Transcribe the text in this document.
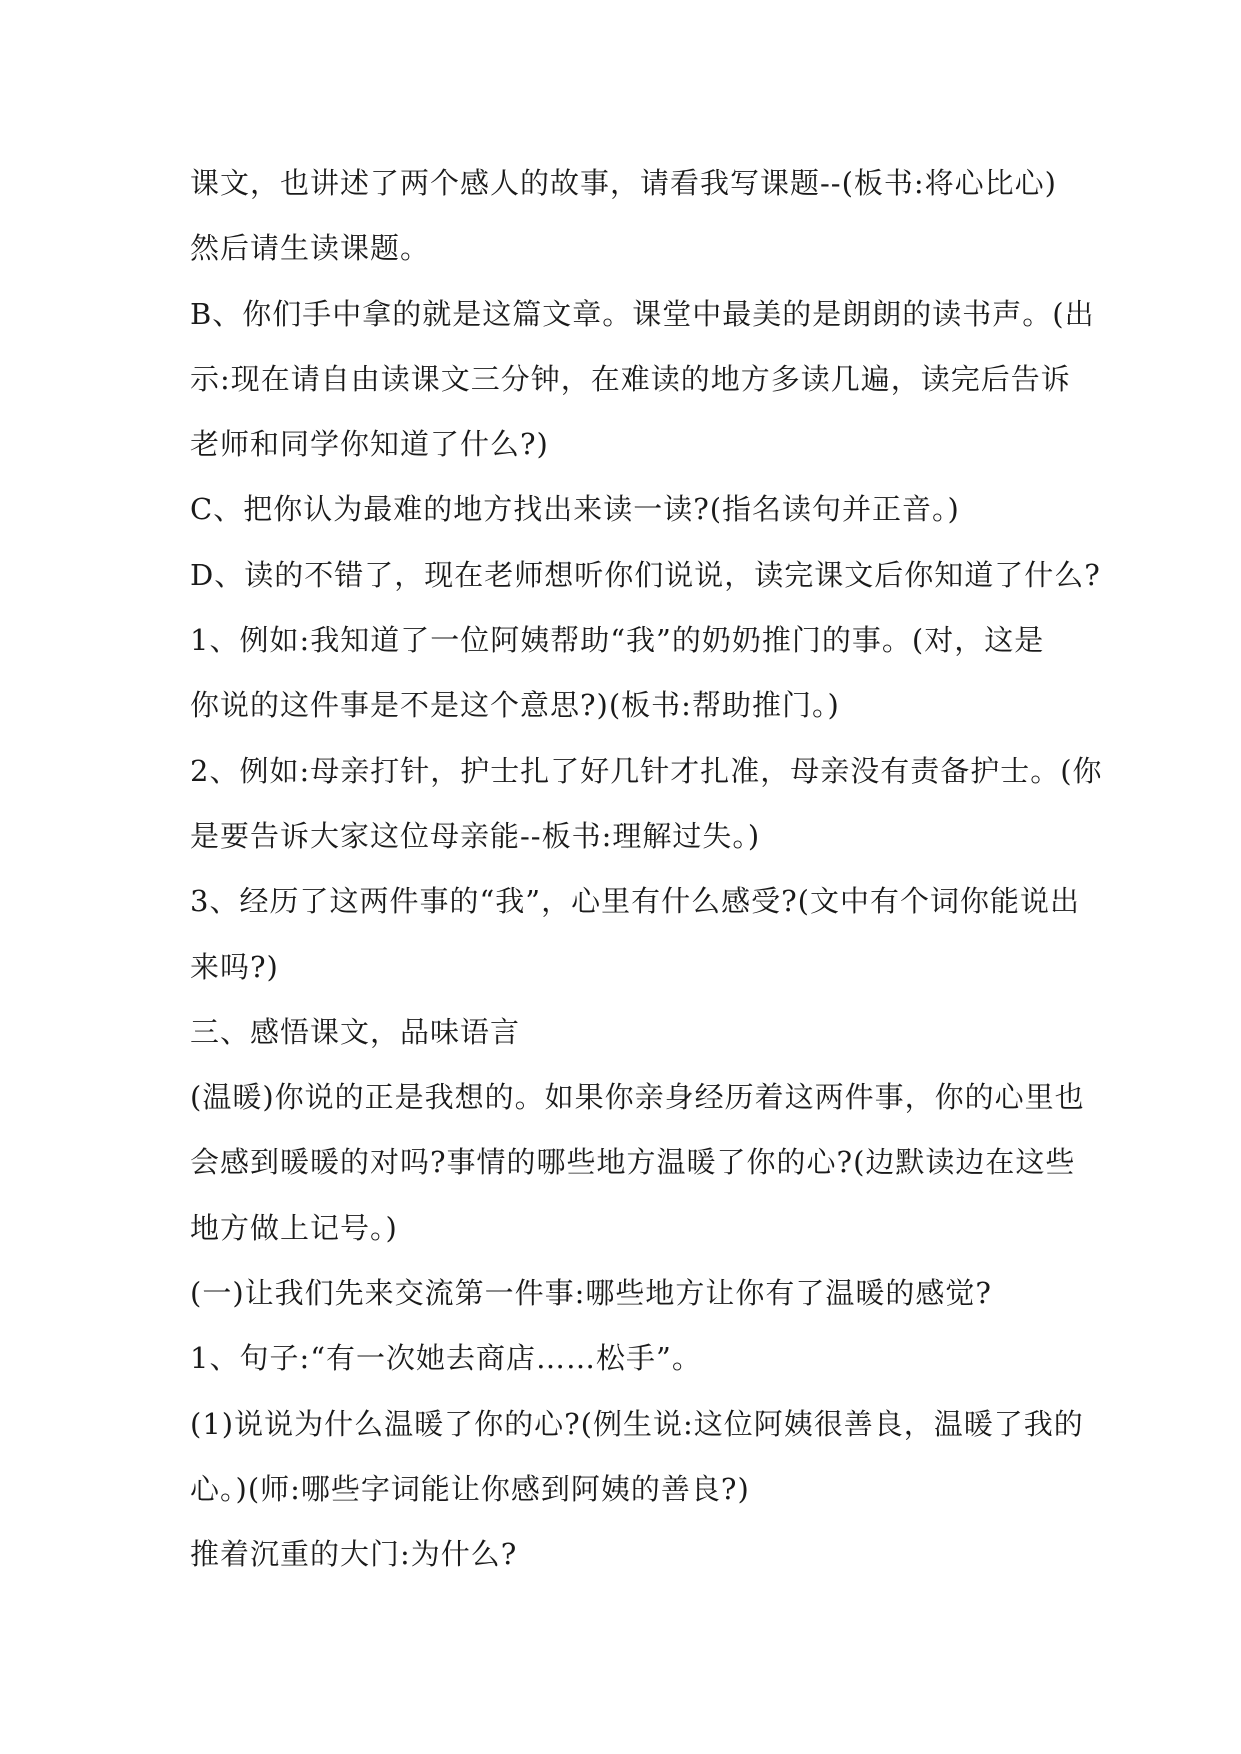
课文，也讲述了两个感人的故事，请看我写课题--(板书:将心比心)
然后请生读课题。
B、你们手中拿的就是这篇文章。课堂中最美的是朗朗的读书声。(出
示:现在请自由读课文三分钟，在难读的地方多读几遍，读完后告诉
老师和同学你知道了什么?)
C、把你认为最难的地方找出来读一读?(指名读句并正音。)
D、读的不错了，现在老师想听你们说说，读完课文后你知道了什么?
1、例如:我知道了一位阿姨帮助“我”的奶奶推门的事。(对，这是
你说的这件事是不是这个意思?)(板书:帮助推门。)
2、例如:母亲打针，护士扎了好几针才扎准，母亲没有责备护士。(你
是要告诉大家这位母亲能--板书:理解过失。)
3、经历了这两件事的“我”，心里有什么感受?(文中有个词你能说出
来吗?)
三、感悟课文，品味语言
(温暖)你说的正是我想的。如果你亲身经历着这两件事，你的心里也
会感到暖暖的对吗?事情的哪些地方温暖了你的心?(边默读边在这些
地方做上记号。)
(一)让我们先来交流第一件事:哪些地方让你有了温暖的感觉?
1、句子:“有一次她去商店……松手”。
(1)说说为什么温暖了你的心?(例生说:这位阿姨很善良，温暖了我的
心。)(师:哪些字词能让你感到阿姨的善良?)
推着沉重的大门:为什么?
